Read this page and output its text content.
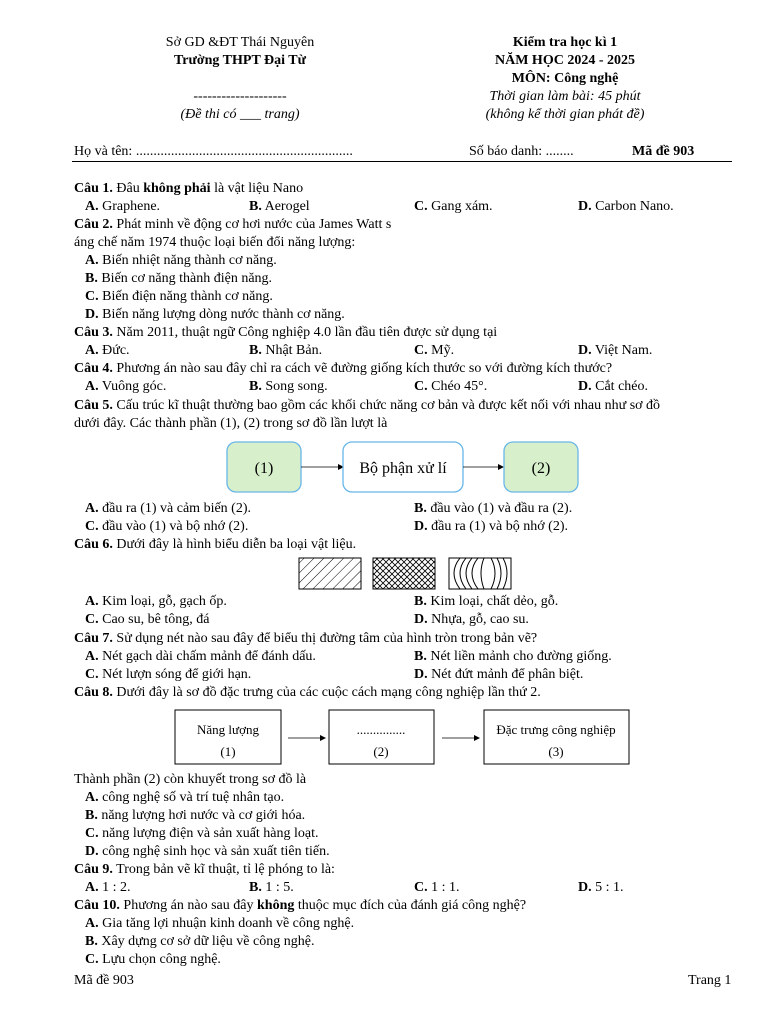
Sở GD &ĐT Thái Nguyên
Trường THPT Đại Từ
--------------------
(Đề thi có ___ trang)
Kiểm tra học kì 1
NĂM HỌC 2024 - 2025
MÔN: Công nghệ
Thời gian làm bài: 45 phút
(không kể thời gian phát đề)
Họ và tên: ..............................................................	Số báo danh: ........	Mã đề 903
Câu 1. Đâu không phải là vật liệu Nano
A. Graphene.	B. Aerogel	C. Gang xám.	D. Carbon Nano.
Câu 2. Phát minh về động cơ hơi nước của James Watt s
áng chế năm 1974 thuộc loại biến đổi năng lượng:
A. Biến nhiệt năng thành cơ năng.
B. Biến cơ năng thành điện năng.
C. Biến điện năng thành cơ năng.
D. Biến năng lượng dòng nước thành cơ năng.
Câu 3. Năm 2011, thuật ngữ Công nghiệp 4.0 lần đầu tiên được sử dụng tại
A. Đức.	B. Nhật Bản.	C. Mỹ.	D. Việt Nam.
Câu 4. Phương án nào sau đây chỉ ra cách vẽ đường giống kích thước so với đường kích thước?
A. Vuông góc.	B. Song song.	C. Chéo 45°.	D. Cắt chéo.
Câu 5. Cấu trúc kĩ thuật thường bao gồm các khối chức năng cơ bản và được kết nối với nhau như sơ đồ
dưới đây. Các thành phần (1), (2) trong sơ đồ lần lượt là
(1)	Bộ phận xử lí	(2)
A. đầu ra (1) và cảm biến (2).	B. đầu vào (1) và đầu ra (2).
C. đầu vào (1) và bộ nhớ (2).	D. đầu ra (1) và bộ nhớ (2).
Câu 6. Dưới đây là hình biểu diễn ba loại vật liệu.
A. Kim loại, gỗ, gạch ốp.	B. Kim loại, chất dẻo, gỗ.
C. Cao su, bê tông, đá	D. Nhựa, gỗ, cao su.
Câu 7. Sử dụng nét nào sau đây để biểu thị đường tâm của hình tròn trong bản vẽ?
A. Nét gạch dài chấm mảnh để đánh dấu.	B. Nét liền mảnh cho đường giống.
C. Nét lượn sóng để giới hạn.	D. Nét đứt mảnh để phân biệt.
Câu 8. Dưới đây là sơ đồ đặc trưng của các cuộc cách mạng công nghiệp lần thứ 2.
Năng lượng
(1)
...............
(2)
Đặc trưng công nghiệp
(3)
Thành phần (2) còn khuyết trong sơ đồ là
A. công nghệ số và trí tuệ nhân tạo.
B. năng lượng hơi nước và cơ giới hóa.
C. năng lượng điện và sản xuất hàng loạt.
D. công nghệ sinh học và sản xuất tiên tiến.
Câu 9. Trong bản vẽ kĩ thuật, tỉ lệ phóng to là:
A. 1 : 2.	B. 1 : 5.	C. 1 : 1.	D. 5 : 1.
Câu 10. Phương án nào sau đây không thuộc mục đích của đánh giá công nghệ?
A. Gia tăng lợi nhuận kinh doanh về công nghệ.
B. Xây dựng cơ sở dữ liệu về công nghệ.
C. Lựu chọn công nghệ.
Mã đề 903	Trang 1
